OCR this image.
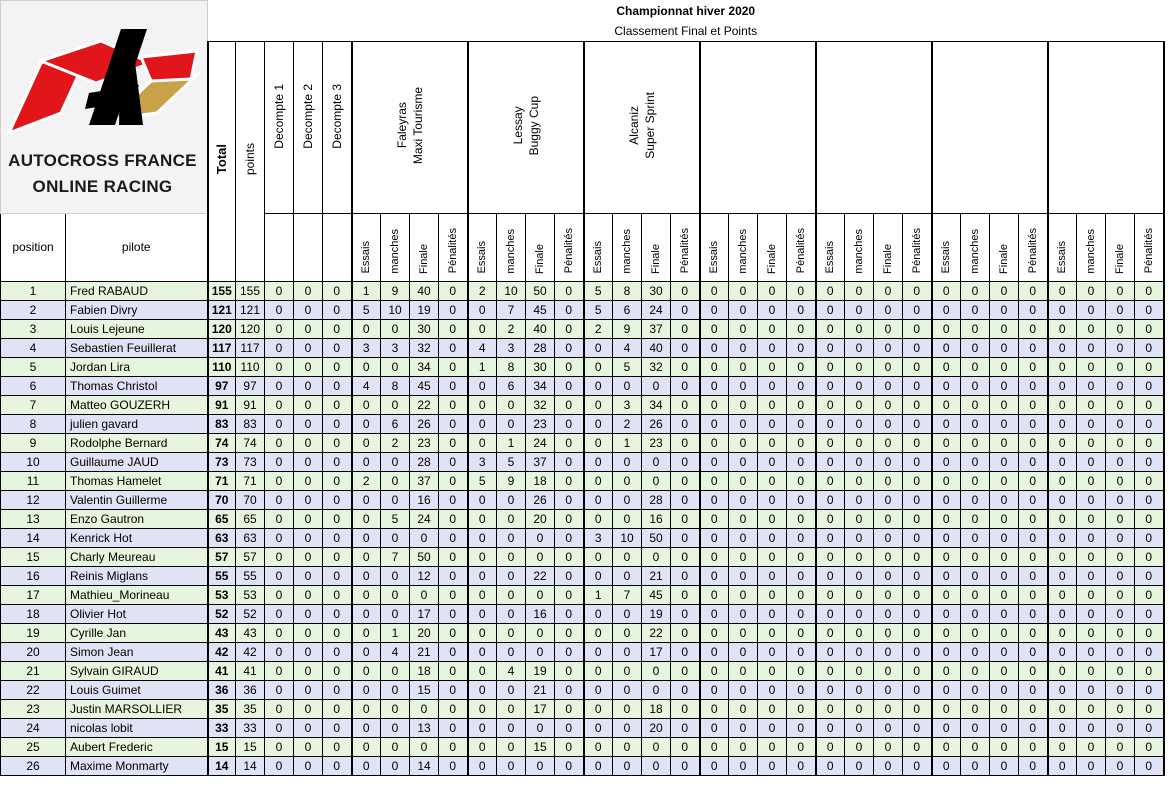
AUTOCROSS FRANCE
ONLINE RACING		Championnat hiver 2020																																
		Classement Final et Points																																
		Total	points	Decompte 1	Decompte 2	Decompte 3	Faleyras Maxi Tourisme				Lessay Buggy Cup				Alcaniz Super Sprint																

position	pilote						Essais	manches	Finale	Pénalités	Essais	manches	Finale	Pénalités	Essais	manches	Finale	Pénalités	Essais	manches	Finale	Pénalités	Essais	manches	Finale	Pénalités	Essais	manches	Finale	Pénalités	Essais	manches	Finale	Pénalités
1	Fred RABAUD	155	155	0	0	0	1	9	40	0	2	10	50	0	5	8	30	0	0	0	0	0	0	0	0	0	0	0	0	0	0	0	0	0
2	Fabien Divry	121	121	0	0	0	5	10	19	0	0	7	45	0	5	6	24	0	0	0	0	0	0	0	0	0	0	0	0	0	0	0	0	0
3	Louis Lejeune	120	120	0	0	0	0	0	30	0	0	2	40	0	2	9	37	0	0	0	0	0	0	0	0	0	0	0	0	0	0	0	0	0
4	Sebastien Feuillerat	117	117	0	0	0	3	3	32	0	4	3	28	0	0	4	40	0	0	0	0	0	0	0	0	0	0	0	0	0	0	0	0	0
5	Jordan Lira	110	110	0	0	0	0	0	34	0	1	8	30	0	0	5	32	0	0	0	0	0	0	0	0	0	0	0	0	0	0	0	0	0
6	Thomas Christol	97	97	0	0	0	4	8	45	0	0	6	34	0	0	0	0	0	0	0	0	0	0	0	0	0	0	0	0	0	0	0	0	0
7	Matteo GOUZERH	91	91	0	0	0	0	0	22	0	0	0	32	0	0	3	34	0	0	0	0	0	0	0	0	0	0	0	0	0	0	0	0	0
8	julien gavard	83	83	0	0	0	0	6	26	0	0	0	23	0	0	2	26	0	0	0	0	0	0	0	0	0	0	0	0	0	0	0	0	0
9	Rodolphe Bernard	74	74	0	0	0	0	2	23	0	0	1	24	0	0	1	23	0	0	0	0	0	0	0	0	0	0	0	0	0	0	0	0	0
10	Guillaume JAUD	73	73	0	0	0	0	0	28	0	3	5	37	0	0	0	0	0	0	0	0	0	0	0	0	0	0	0	0	0	0	0	0	0
11	Thomas Hamelet	71	71	0	0	0	2	0	37	0	5	9	18	0	0	0	0	0	0	0	0	0	0	0	0	0	0	0	0	0	0	0	0	0
12	Valentin Guillerme	70	70	0	0	0	0	0	16	0	0	0	26	0	0	0	28	0	0	0	0	0	0	0	0	0	0	0	0	0	0	0	0	0
13	Enzo Gautron	65	65	0	0	0	0	5	24	0	0	0	20	0	0	0	16	0	0	0	0	0	0	0	0	0	0	0	0	0	0	0	0	0
14	Kenrick Hot	63	63	0	0	0	0	0	0	0	0	0	0	0	3	10	50	0	0	0	0	0	0	0	0	0	0	0	0	0	0	0	0	0
15	Charly Meureau	57	57	0	0	0	0	7	50	0	0	0	0	0	0	0	0	0	0	0	0	0	0	0	0	0	0	0	0	0	0	0	0	0
16	Reinis Miglans	55	55	0	0	0	0	0	12	0	0	0	22	0	0	0	21	0	0	0	0	0	0	0	0	0	0	0	0	0	0	0	0	0
17	Mathieu_Morineau	53	53	0	0	0	0	0	0	0	0	0	0	0	1	7	45	0	0	0	0	0	0	0	0	0	0	0	0	0	0	0	0	0
18	Olivier Hot	52	52	0	0	0	0	0	17	0	0	0	16	0	0	0	19	0	0	0	0	0	0	0	0	0	0	0	0	0	0	0	0	0
19	Cyrille Jan	43	43	0	0	0	0	1	20	0	0	0	0	0	0	0	22	0	0	0	0	0	0	0	0	0	0	0	0	0	0	0	0	0
20	Simon Jean	42	42	0	0	0	0	4	21	0	0	0	0	0	0	0	17	0	0	0	0	0	0	0	0	0	0	0	0	0	0	0	0	0
21	Sylvain GIRAUD	41	41	0	0	0	0	0	18	0	0	4	19	0	0	0	0	0	0	0	0	0	0	0	0	0	0	0	0	0	0	0	0	0
22	Louis Guimet	36	36	0	0	0	0	0	15	0	0	0	21	0	0	0	0	0	0	0	0	0	0	0	0	0	0	0	0	0	0	0	0	0
23	Justin MARSOLLIER	35	35	0	0	0	0	0	0	0	0	0	17	0	0	0	18	0	0	0	0	0	0	0	0	0	0	0	0	0	0	0	0	0
24	nicolas lobit	33	33	0	0	0	0	0	13	0	0	0	0	0	0	0	20	0	0	0	0	0	0	0	0	0	0	0	0	0	0	0	0	0
25	Aubert Frederic	15	15	0	0	0	0	0	0	0	0	0	15	0	0	0	0	0	0	0	0	0	0	0	0	0	0	0	0	0	0	0	0	0
26	Maxime Monmarty	14	14	0	0	0	0	0	14	0	0	0	0	0	0	0	0	0	0	0	0	0	0	0	0	0	0	0	0	0	0	0	0	0
